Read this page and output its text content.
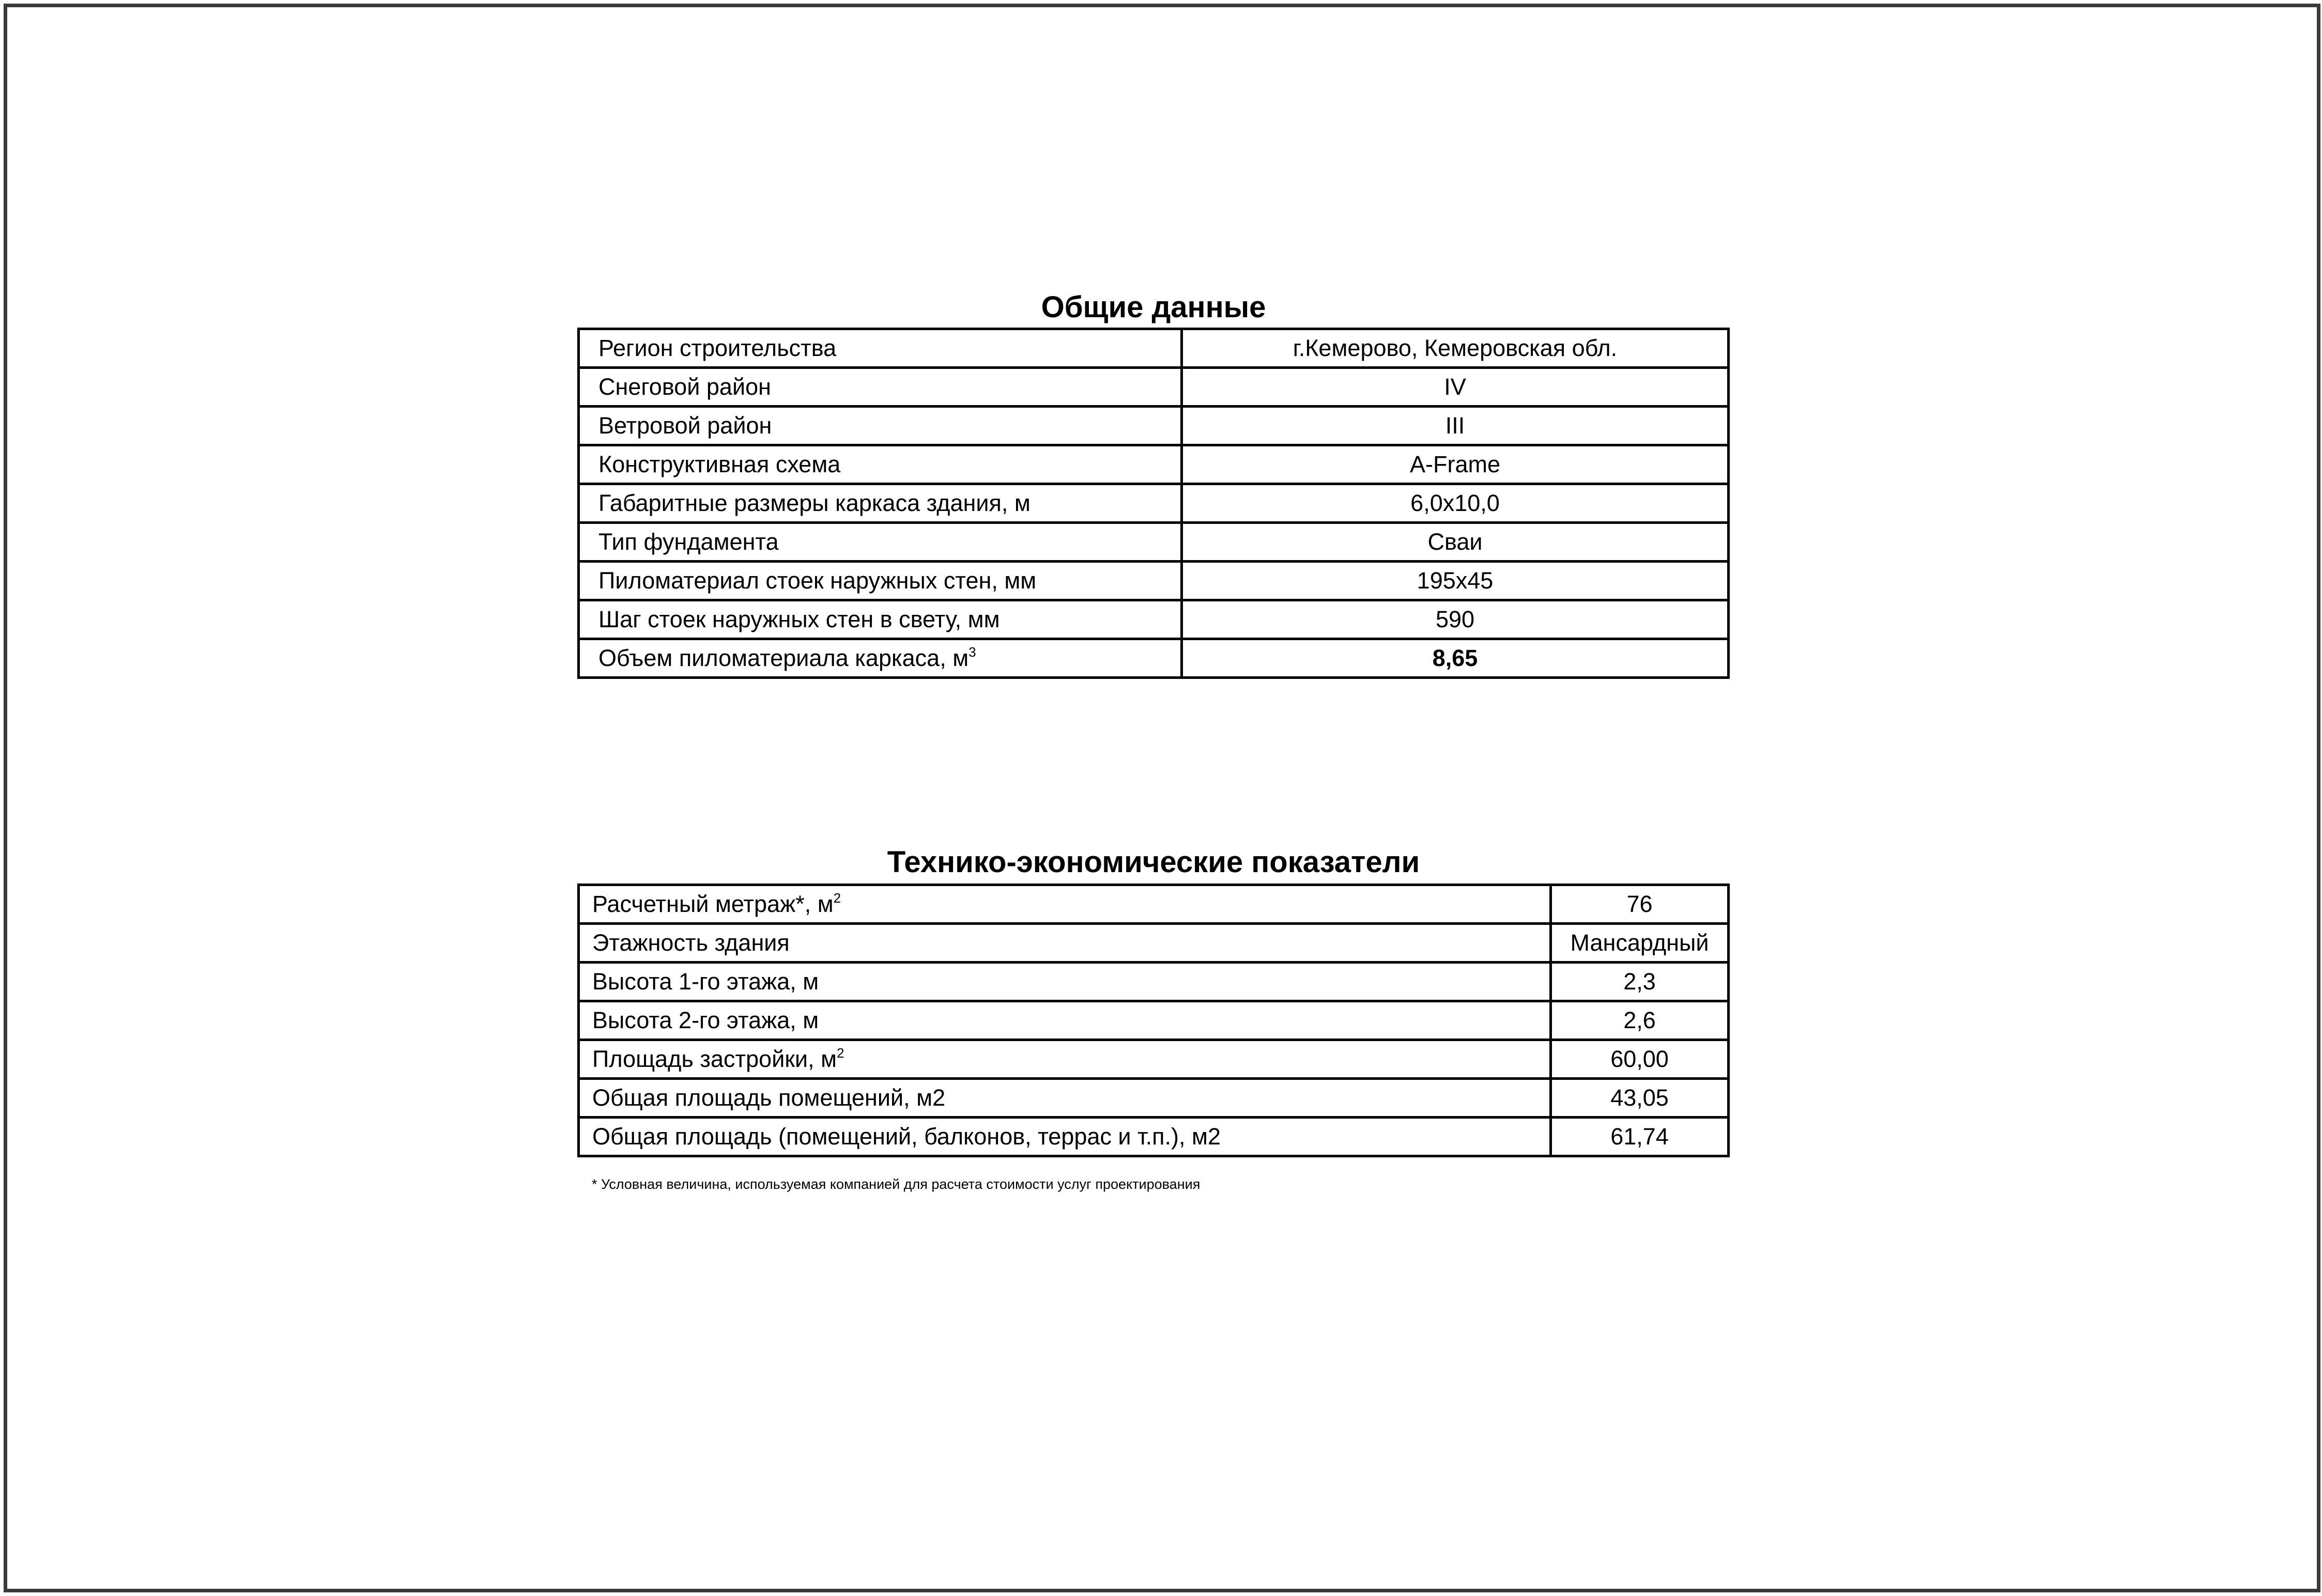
Общие данные
Регион строительства	г.Кемерово, Кемеровская обл.
Снеговой район	IV
Ветровой район	III
Конструктивная схема	A-Frame
Габаритные размеры каркаса здания, м	6,0x10,0
Тип фундамента	Сваи
Пиломатериал стоек наружных стен, мм	195x45
Шаг стоек наружных стен в свету, мм	590
Объем пиломатериала каркаса, $м^3$	8,65
Технико-экономические показатели
Расчетный метраж*, $м^2$	76
Этажность здания	Мансардный
Высота 1-го этажа, м	2,3
Высота 2-го этажа, м	2,6
Площадь застройки, $м^2$	60,00
Общая площадь помещений, м2	43,05
Общая площадь (помещений, балконов, террас и т.п.), м2	61,74
* Условная величина, используемая компанией для расчета стоимости услуг проектирования
